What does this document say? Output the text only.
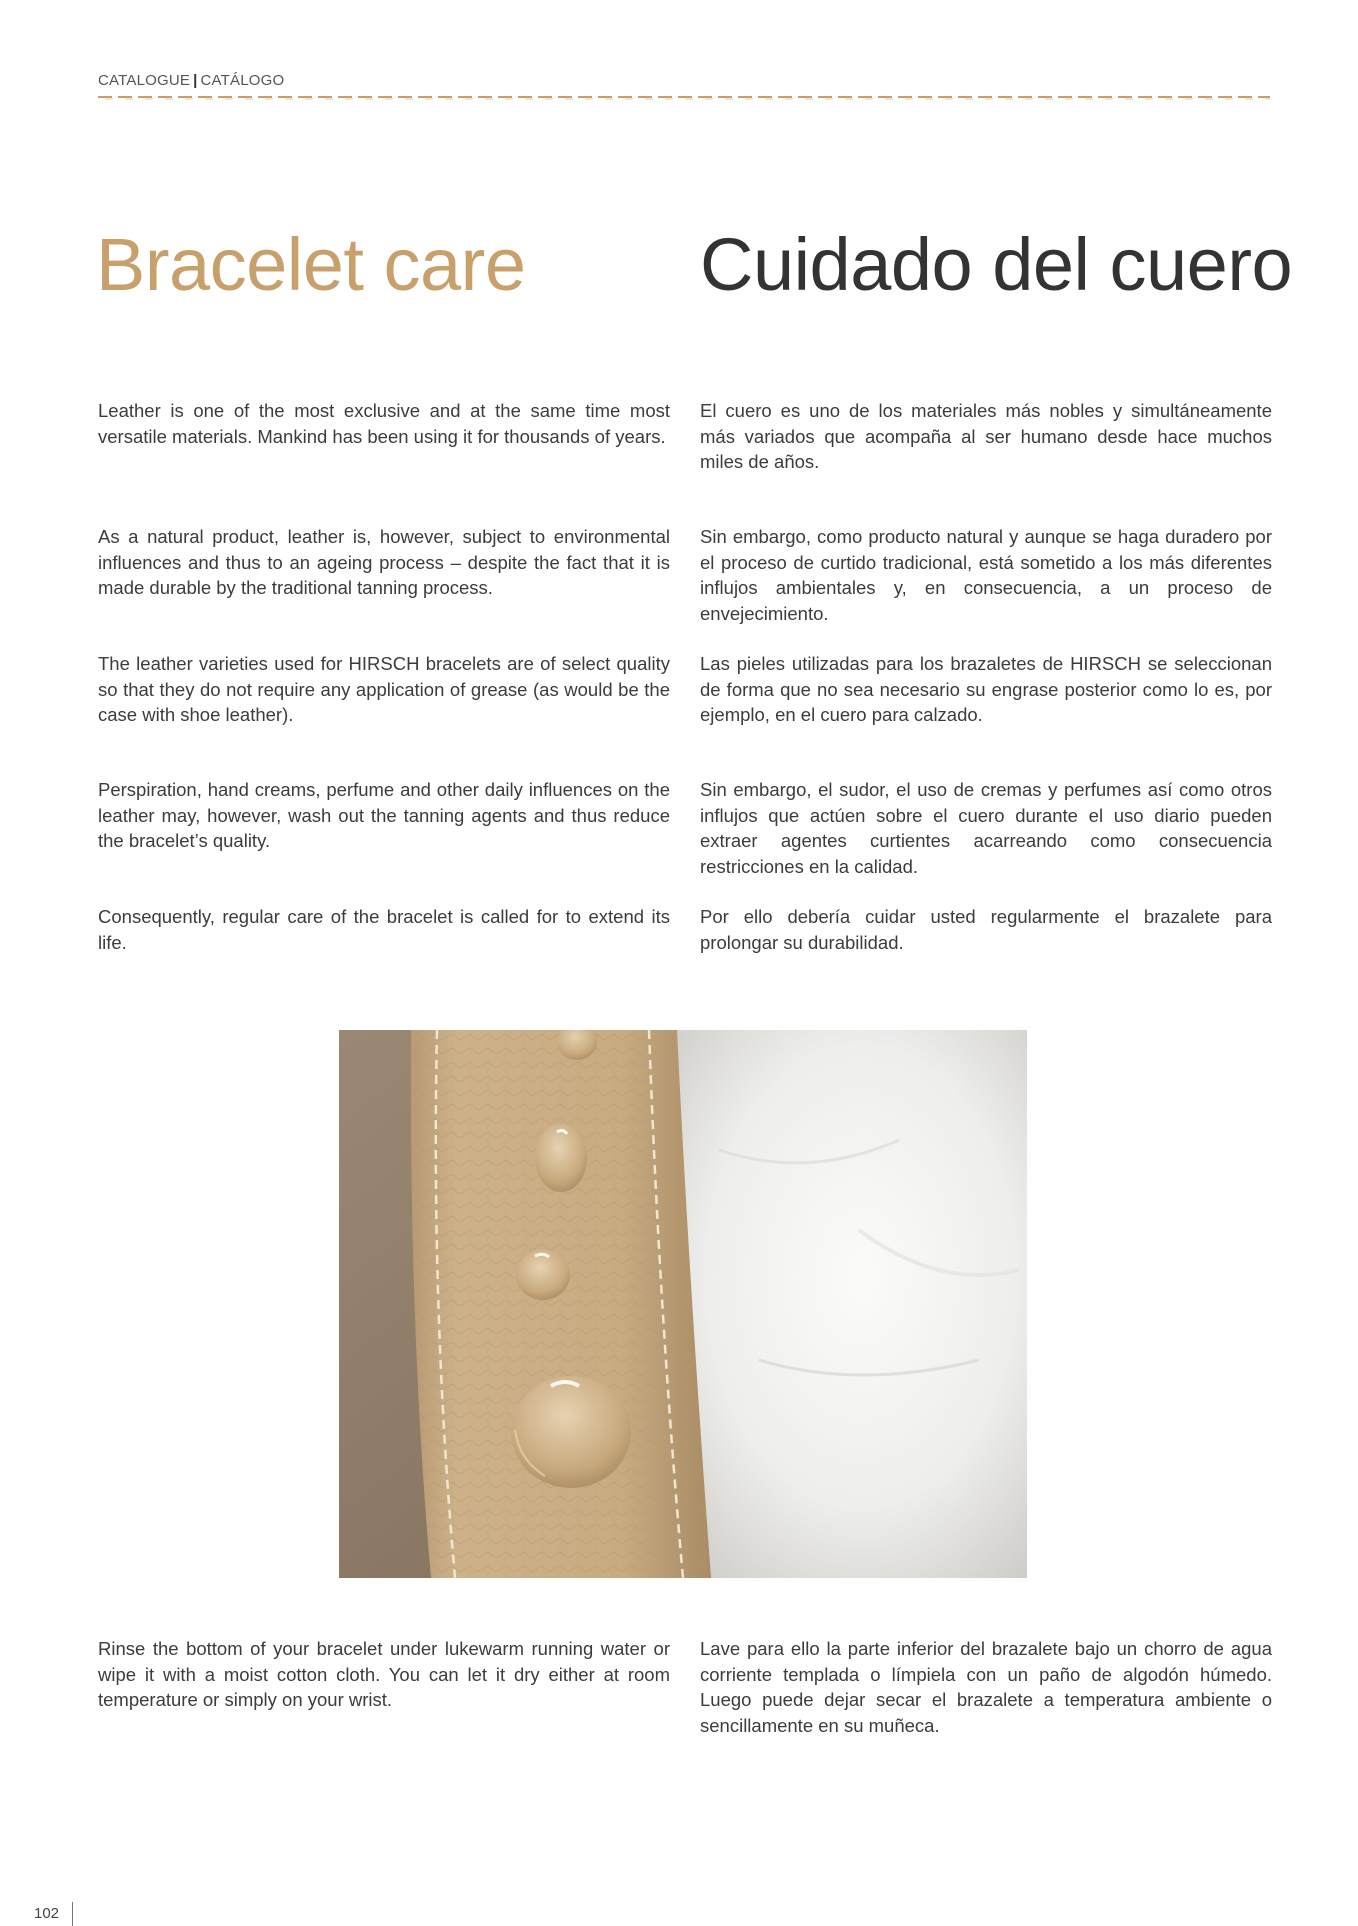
CATALOGUE | CATÁLOGO
Bracelet care Cuidado del cuero
Leather is one of the most exclusive and at the same time most versatile materials. Mankind has been using it for thousands of years.
As a natural product, leather is, however, subject to environmental influences and thus to an ageing process – despite the fact that it is made durable by the traditional tanning process.
The leather varieties used for HIRSCH bracelets are of select quality so that they do not require any application of grease (as would be the case with shoe leather).
Perspiration, hand creams, perfume and other daily influences on the leather may, however, wash out the tanning agents and thus reduce the bracelet’s quality.
Consequently, regular care of the bracelet is called for to extend its life.
El cuero es uno de los materiales más nobles y simultáneamente más variados que acompaña al ser humano desde hace muchos miles de años.
Sin embargo, como producto natural y aunque se haga duradero por el proceso de curtido tradicional, está sometido a los más diferentes influjos ambientales y, en consecuencia, a un proceso de envejecimiento.
Las pieles utilizadas para los brazaletes de HIRSCH se seleccionan de forma que no sea necesario su engrase posterior como lo es, por ejemplo, en el cuero para calzado.
Sin embargo, el sudor, el uso de cremas y perfumes así como otros influjos que actúen sobre el cuero durante el uso diario pueden extraer agentes curtientes acarreando como consecuencia restricciones en la calidad.
Por ello debería cuidar usted regularmente el brazalete para prolongar su durabilidad.
Rinse the bottom of your bracelet under lukewarm running water or wipe it with a moist cotton cloth. You can let it dry either at room temperature or simply on your wrist.
Lave para ello la parte inferior del brazalete bajo un chorro de agua corriente templada o límpiela con un paño de algodón húmedo. Luego puede dejar secar el brazalete a temperatura ambiente o sencillamente en su muñeca.
102
